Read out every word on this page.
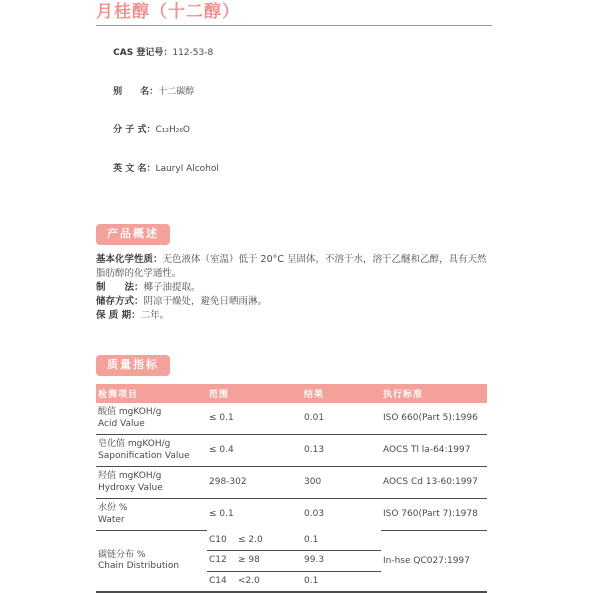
月桂醇（十二醇）

CAS 登记号：112-53-8

别　　名：十二碳醇

分 子 式：C₁₂H₂₆O

英 文 名：Lauryl Alcohol

产品概述
基本化学性质：无色液体（室温）低于 20°C 呈固体，不溶于水，溶于乙醚和乙醇，具有天然脂肪醇的化学通性。
制　　法：椰子油提取。
储存方式：阴凉干燥处，避免日晒雨淋。
保 质 期：二年。
质量指标
检测项目	范围	结果	执行标准

酸值 mgKOH/g
Acid Value	≤ 0.1	0.01	ISO 660(Part 5):1996

皂化值 mgKOH/g
Saponification Value	≤ 0.4	0.13	AOCS Tl la-64:1997

羟值 mgKOH/g
Hydroxy Value	298-302	300	AOCS Cd 13-60:1997

水份 %
Water	≤ 0.1	0.03	ISO 760(Part 7):1978

碳链分布 %
Chain Distribution	C10 ≤ 2.0	0.1	In-hse QC027:1997
	C12 ≥ 98	99.3	
	C14 <2.0	0.1	
